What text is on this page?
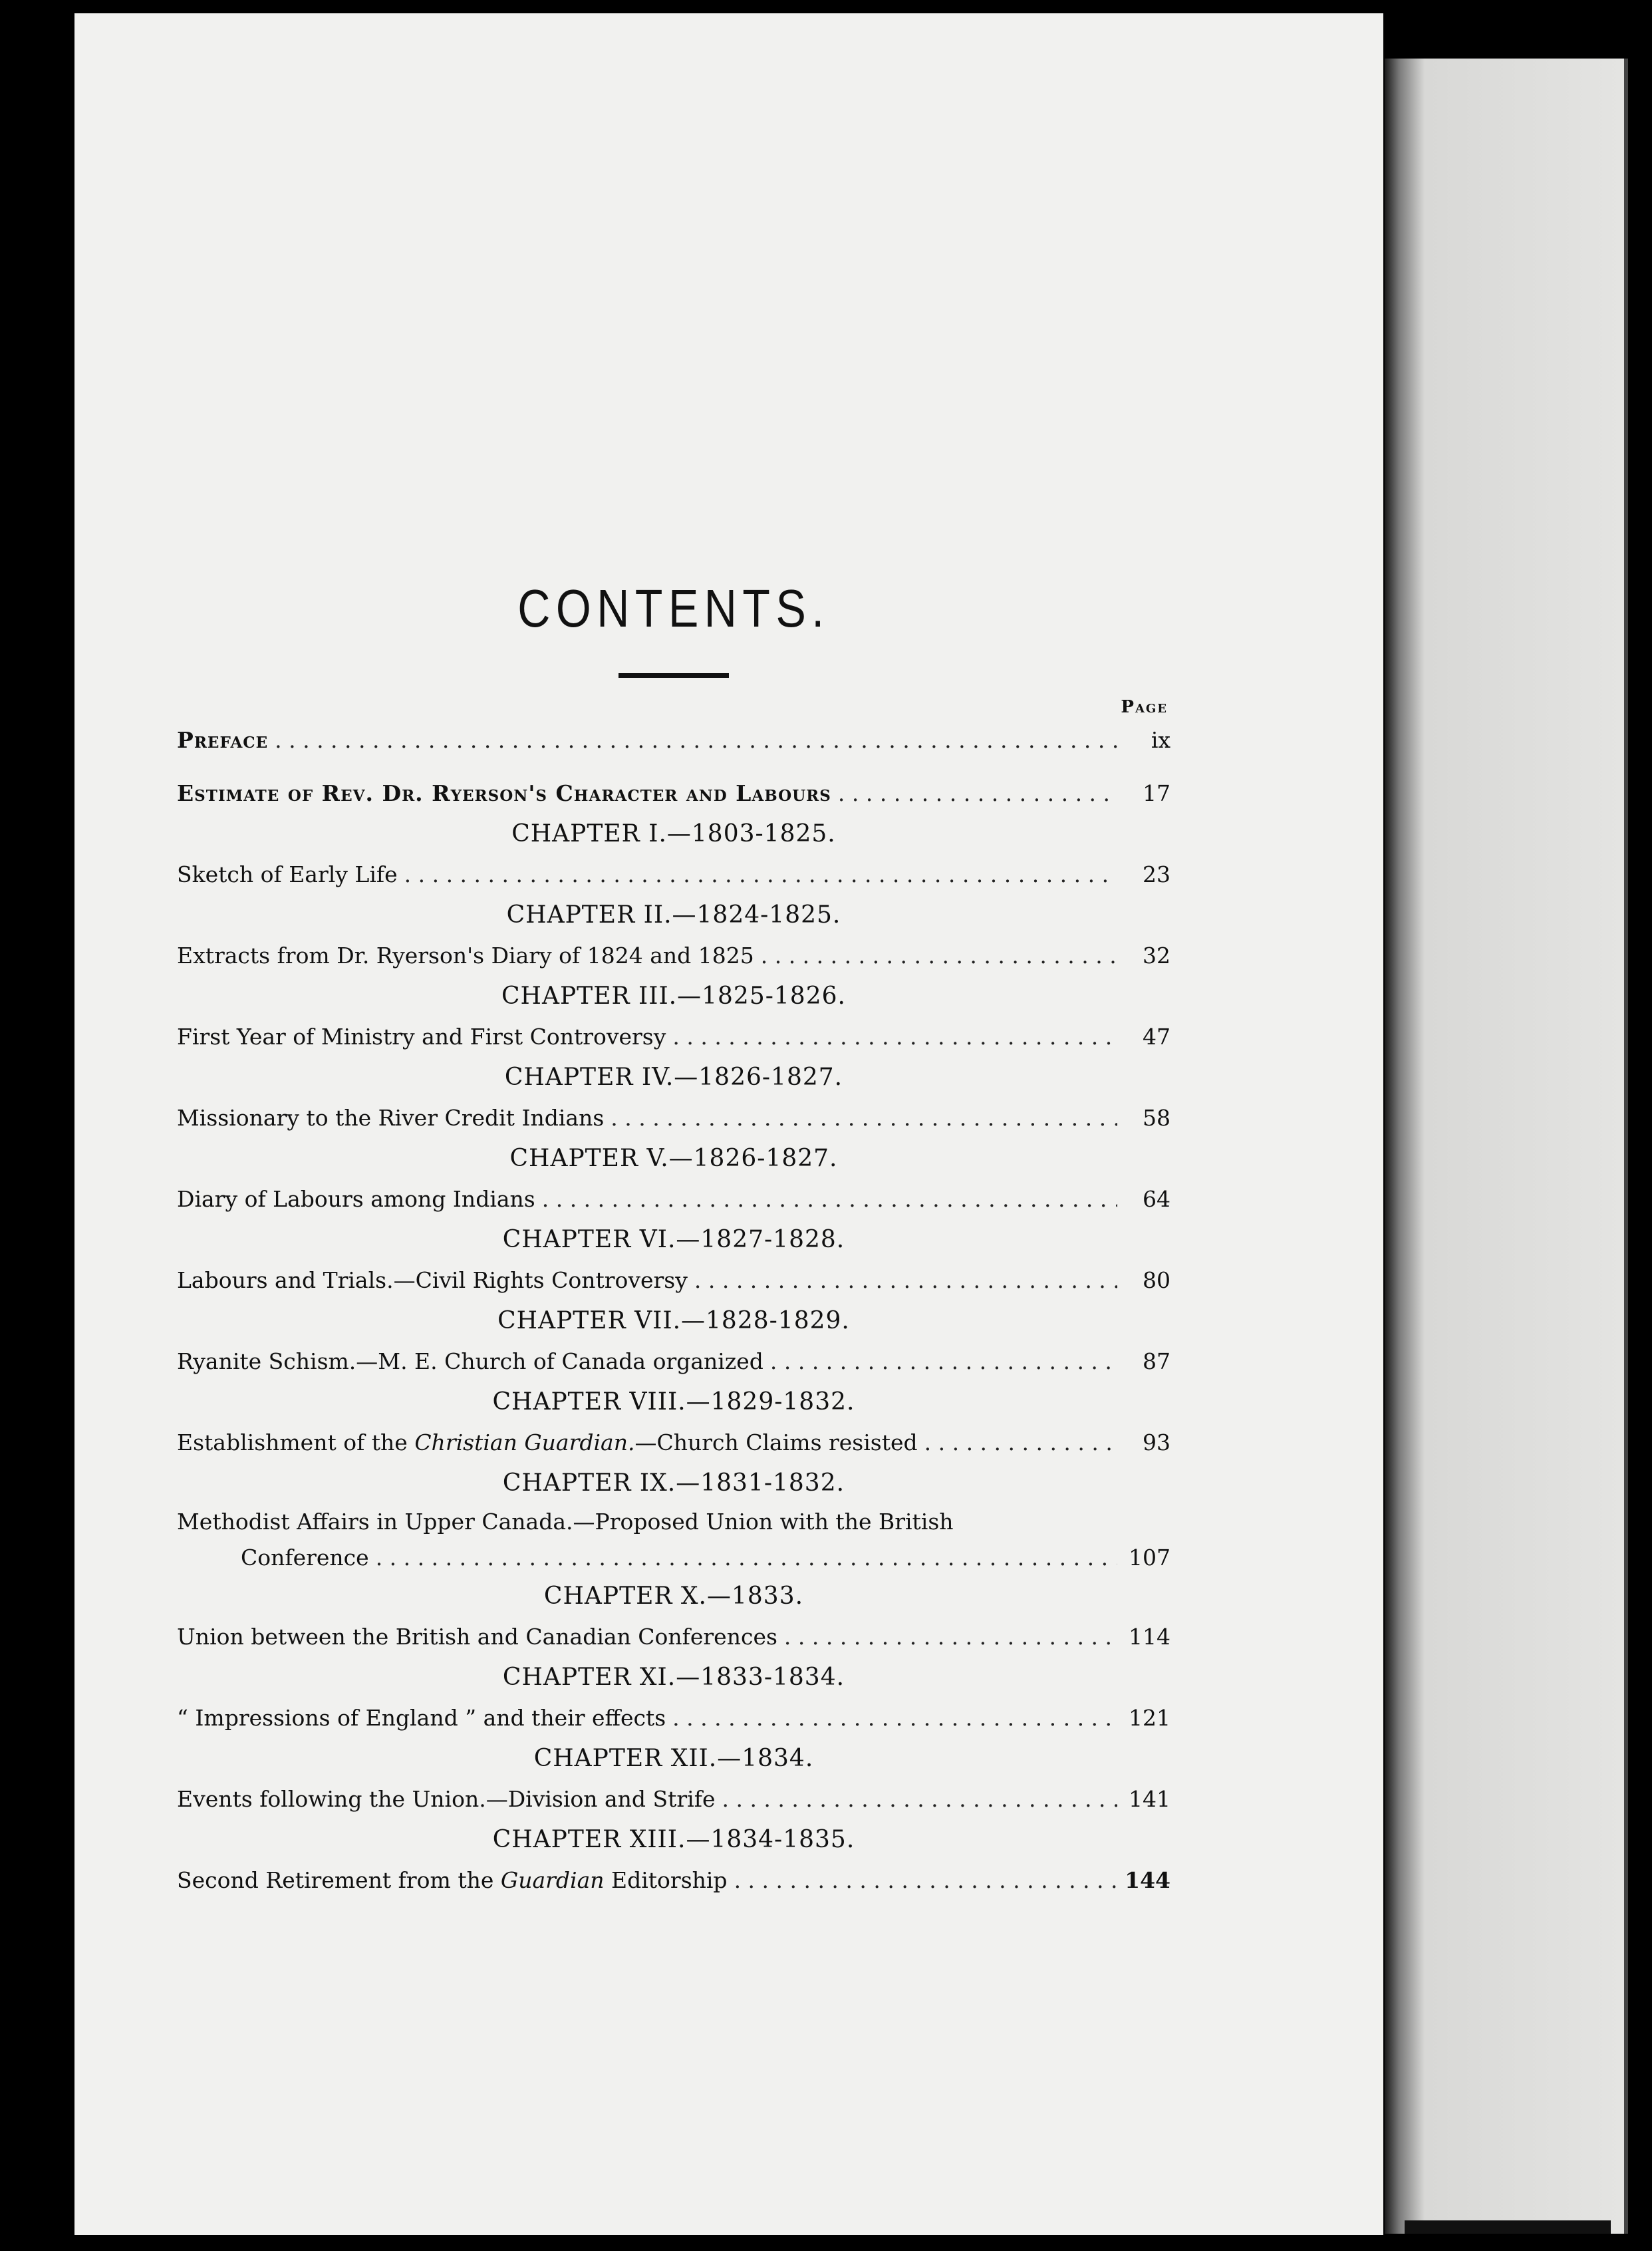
CONTENTS.
Page
Preface . . .	ix
Estimate of Rev. Dr. Ryerson's Character and Labours . . .	17
CHAPTER I.—1803-1825.
Sketch of Early Life . . .	23
CHAPTER II.—1824-1825.
Extracts from Dr. Ryerson's Diary of 1824 and 1825 . . .	32
CHAPTER III.—1825-1826.
First Year of Ministry and First Controversy . . .	47
CHAPTER IV.—1826-1827.
Missionary to the River Credit Indians . . .	58
CHAPTER V.—1826-1827.
Diary of Labours among Indians . . .	64
CHAPTER VI.—1827-1828.
Labours and Trials.—Civil Rights Controversy . . .	80
CHAPTER VII.—1828-1829.
Ryanite Schism.—M. E. Church of Canada organized . . .	87
CHAPTER VIII.—1829-1832.
Establishment of the Christian Guardian.—Church Claims resisted . . .	93
CHAPTER IX.—1831-1832.
Methodist Affairs in Upper Canada.—Proposed Union with the British
Conference . . .	107
CHAPTER X.—1833.
Union between the British and Canadian Conferences . . .	114
CHAPTER XI.—1833-1834.
“ Impressions of England ” and their effects . . .	121
CHAPTER XII.—1834.
Events following the Union.—Division and Strife . . .	141
CHAPTER XIII.—1834-1835.
Second Retirement from the Guardian Editorship . . .	144
